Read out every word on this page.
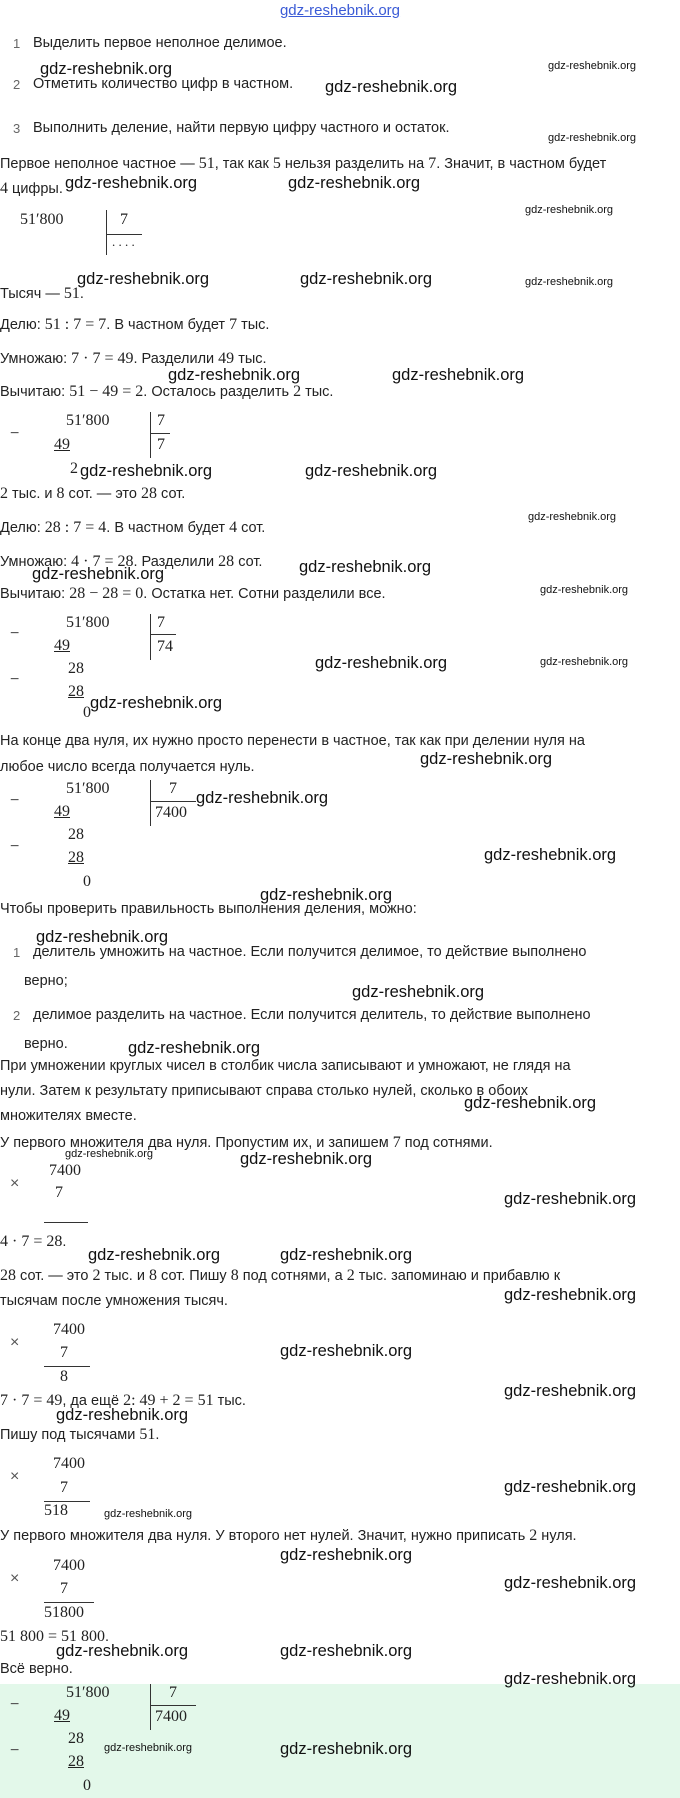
gdz-reshebnik.org
1 Выделить первое неполное делимое.
2 Отметить количество цифр в частном.
3 Выполнить деление, найти первую цифру частного и остаток.
Первое неполное частное — 51, так как 5 нельзя разделить на 7. Значит, в частном будет
4 цифры.
51′800	7
. . . .
Тысяч — 51.
Делю: 51 : 7 = 7. В частном будет 7 тыс.
Умножаю: 7 · 7 = 49. Разделили 49 тыс.
Вычитаю: 51 − 49 = 2. Осталось разделить 2 тыс.
−
51′800
49
2
7
7
2 тыс. и 8 сот. — это 28 сот.
Делю: 28 : 7 = 4. В частном будет 4 сот.
Умножаю: 4 · 7 = 28. Разделили 28 сот.
Вычитаю: 28 − 28 = 0. Остатка нет. Сотни разделили все.
−
−
51′800
49
28
28
0
7
74
На конце два нуля, их нужно просто перенести в частное, так как при делении нуля на
любое число всегда получается нуль.
−
−
51′800
49
28
28
0
7
7400
Чтобы проверить правильность выполнения деления, можно:
1 делитель умножить на частное. Если получится делимое, то действие выполнено
верно;
2 делимое разделить на частное. Если получится делитель, то действие выполнено
верно.
При умножении круглых чисел в столбик числа записывают и умножают, не глядя на
нули. Затем к результату приписывают справа столько нулей, сколько в обоих
множителях вместе.
У первого множителя два нуля. Пропустим их, и запишем 7 под сотнями.
×
7400
7
4 · 7 = 28.
28 сот. — это 2 тыс. и 8 сот. Пишу 8 под сотнями, а 2 тыс. запоминаю и прибавлю к
тысячам после умножения тысяч.
×
7400
7
8
7 · 7 = 49, да ещё 2: 49 + 2 = 51 тыс.
Пишу под тысячами 51.
×
7400
7
518
У первого множителя два нуля. У второго нет нулей. Значит, нужно приписать 2 нуля.
×
7400
7
51800
51 800 = 51 800.
Всё верно.
−
−
51′800
49
28
28
0
7
7400
gdz-reshebnik.org	gdz-reshebnik.org
gdz-reshebnik.org
gdz-reshebnik.org
gdz-reshebnik.org	gdz-reshebnik.org
gdz-reshebnik.org
gdz-reshebnik.org	gdz-reshebnik.org	gdz-reshebnik.org
gdz-reshebnik.org	gdz-reshebnik.org
gdz-reshebnik.org	gdz-reshebnik.org
gdz-reshebnik.org
gdz-reshebnik.org
gdz-reshebnik.org
gdz-reshebnik.org
gdz-reshebnik.org	gdz-reshebnik.org
gdz-reshebnik.org
gdz-reshebnik.org
gdz-reshebnik.org
gdz-reshebnik.org
gdz-reshebnik.org
gdz-reshebnik.org
gdz-reshebnik.org
gdz-reshebnik.org
gdz-reshebnik.org
gdz-reshebnik.org	gdz-reshebnik.org
gdz-reshebnik.org
gdz-reshebnik.org	gdz-reshebnik.org
gdz-reshebnik.org
gdz-reshebnik.org
gdz-reshebnik.org
gdz-reshebnik.org
gdz-reshebnik.org
gdz-reshebnik.org
gdz-reshebnik.org
gdz-reshebnik.org
gdz-reshebnik.org	gdz-reshebnik.org
gdz-reshebnik.org
gdz-reshebnik.org	gdz-reshebnik.org
